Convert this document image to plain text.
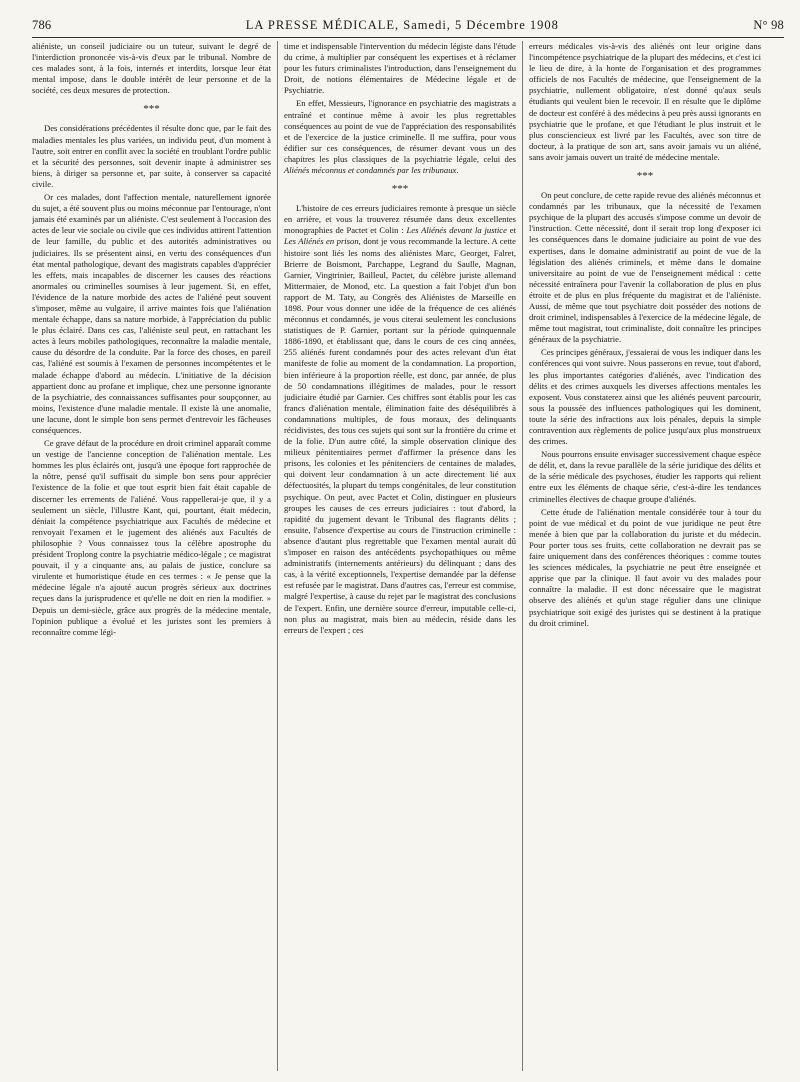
786	LA PRESSE MÉDICALE, Samedi, 5 Décembre 1908	N° 98

aliéniste, un conseil judiciaire ou un tuteur, suivant le degré de l'interdiction prononcée vis-à-vis d'eux par le tribunal. Nombre de ces malades sont, à la fois, internés et interdits, lorsque leur état mental impose, dans le double intérêt de leur personne et de la société, ces deux mesures de protection.

***

Des considérations précédentes il résulte donc que, par le fait des maladies mentales les plus variées, un individu peut, d'un moment à l'autre, soit entrer en conflit avec la société en troublant l'ordre public et la sécurité des personnes, soit devenir inapte à administrer ses biens, à diriger sa personne et, par suite, à conserver sa capacité civile.

Or ces malades, dont l'affection mentale, naturellement ignorée du sujet, a été souvent plus ou moins méconnue par l'entourage, n'ont jamais été examinés par un aliéniste. C'est seulement à l'occasion des actes de leur vie sociale ou civile que ces individus attirent l'attention de leur famille, du public et des autorités administratives ou judiciaires. Ils se présentent ainsi, en vertu des conséquences d'un état mental pathologique, devant des magistrats capables d'apprécier les effets, mais incapables de discerner les causes des réactions anormales ou criminelles soumises à leur jugement. Si, en effet, l'évidence de la nature morbide des actes de l'aliéné peut souvent s'imposer, même au vulgaire, il arrive maintes fois que l'aliénation mentale échappe, dans sa nature morbide, à l'appréciation du public le plus éclairé. Dans ces cas, l'aliéniste seul peut, en rattachant les actes à leurs mobiles pathologiques, reconnaître la maladie mentale, cause du désordre de la conduite. Par la force des choses, en pareil cas, l'aliéné est soumis à l'examen de personnes incompétentes et le malade échappe d'abord au médecin. L'initiative de la décision appartient donc au profane et implique, chez une personne ignorante de la psychiatrie, des connaissances suffisantes pour soupçonner, au moins, l'existence d'une maladie mentale. Il existe là une anomalie, une lacune, dont le simple bon sens permet d'entrevoir les fâcheuses conséquences.

Ce grave défaut de la procédure en droit criminel apparaît comme un vestige de l'ancienne conception de l'aliénation mentale. Les hommes les plus éclairés ont, jusqu'à une époque fort rapprochée de la nôtre, pensé qu'il suffisait du simple bon sens pour apprécier l'existence de la folie et que tout esprit bien fait était capable de discerner les errements de l'aliéné. Vous rappellerai-je que, il y a seulement un siècle, l'illustre Kant, qui, pourtant, était médecin, déniait la compétence psychiatrique aux Facultés de médecine et renvoyait l'examen et le jugement des aliénés aux Facultés de philosophie ? Vous connaissez tous la célèbre apostrophe du président Troplong contre la psychiatrie médico-légale ; ce magistrat pouvait, il y a cinquante ans, au palais de justice, conclure sa virulente et humoristique étude en ces termes : « Je pense que la médecine légale n'a ajouté aucun progrès sérieux aux doctrines reçues dans la jurisprudence et qu'elle ne doit en rien la modifier. » Depuis un demi-siècle, grâce aux progrès de la médecine mentale, l'opinion publique a évolué et les juristes sont les premiers à reconnaître comme légi-

time et indispensable l'intervention du médecin légiste dans l'étude du crime, à multiplier par conséquent les expertises et à réclamer pour les futurs criminalistes l'introduction, dans l'enseignement du Droit, de notions élémentaires de Médecine légale et de Psychiatrie.

En effet, Messieurs, l'ignorance en psychiatrie des magistrats a entraîné et continue même à avoir les plus regrettables conséquences au point de vue de l'appréciation des responsabilités et de l'exercice de la justice criminelle. Il me suffira, pour vous édifier sur ces conséquences, de résumer devant vous un des chapitres les plus classiques de la psychiatrie légale, celui des Aliénés méconnus et condamnés par les tribunaux.

***

L'histoire de ces erreurs judiciaires remonte à presque un siècle en arrière, et vous la trouverez résumée dans deux excellentes monographies de Pactet et Colin : Les Aliénés devant la justice et Les Aliénés en prison, dont je vous recommande la lecture. A cette histoire sont liés les noms des aliénistes Marc, Georget, Falret, Brierre de Boismont, Parchappe, Legrand du Saulle, Magnan, Garnier, Vingtrinier, Bailleul, Pactet, du célèbre juriste allemand Mittermaier, de Monod, etc. La question a fait l'objet d'un bon rapport de M. Taty, au Congrès des Aliénistes de Marseille en 1898. Pour vous donner une idée de la fréquence de ces aliénés méconnus et condamnés, je vous citerai seulement les conclusions statistiques de P. Garnier, portant sur la période quinquennale 1886-1890, et établissant que, dans le cours de ces cinq années, 255 aliénés furent condamnés pour des actes relevant d'un état manifeste de folie au moment de la condamnation. La proportion, bien inférieure à la proportion réelle, est donc, par année, de plus de 50 condamnations illégitimes de malades, pour le ressort judiciaire étudié par Garnier. Ces chiffres sont établis pour les cas francs d'aliénation mentale, élimination faite des déséquilibrés à condamnations multiples, de fous moraux, des delinquants récidivistes, des tous ces sujets qui sont sur la frontière du crime et de la folie. D'un autre côté, la simple observation clinique des milieux pénitentiaires permet d'affirmer la présence dans les prisons, les colonies et les pénitenciers de centaines de malades, qui doivent leur condamnation à un acte directement lié aux défectuosités, la plupart du temps congénitales, de leur constitution psychique. On peut, avec Pactet et Colin, distinguer en plusieurs groupes les causes de ces erreurs judiciaires : tout d'abord, la rapidité du jugement devant le Tribunal des flagrants délits ; ensuite, l'absence d'expertise au cours de l'instruction criminelle : absence d'autant plus regrettable que l'examen mental aurait dû s'imposer en raison des antécédents psychopathiques ou même administratifs (internements antérieurs) du délinquant ; dans des cas, à la vérité exceptionnels, l'expertise demandée par la défense est refusée par le magistrat. Dans d'autres cas, l'erreur est commise, malgré l'expertise, à cause du rejet par le magistrat des conclusions de l'expert. Enfin, une dernière source d'erreur, imputable celle-ci, non plus au magistrat, mais bien au médecin, réside dans les erreurs de l'expert ; ces

erreurs médicales vis-à-vis des aliénés ont leur origine dans l'incompétence psychiatrique de la plupart des médecins, et c'est ici le lieu de dire, à la honte de l'organisation et des programmes officiels de nos Facultés de médecine, que l'enseignement de la psychiatrie, nullement obligatoire, n'est donné qu'aux seuls étudiants qui veulent bien le recevoir. Il en résulte que le diplôme de docteur est conféré à des médecins à peu près aussi ignorants en psychiatrie que le profane, et que l'étudiant le plus instruit et le plus consciencieux est livré par les Facultés, avec son titre de docteur, à la pratique de son art, sans avoir jamais vu un aliéné, sans avoir jamais ouvert un traité de médecine mentale.

***

On peut conclure, de cette rapide revue des aliénés méconnus et condamnés par les tribunaux, que la nécessité de l'examen psychique de la plupart des accusés s'impose comme un devoir de l'instruction. Cette nécessité, dont il serait trop long d'exposer ici les conséquences dans le domaine judiciaire au point de vue des expertises, dans le domaine administratif au point de vue de la législation des aliénés criminels, et même dans le domaine universitaire au point de vue de l'enseignement médical : cette nécessité entraînera pour l'avenir la collaboration de plus en plus étroite et de plus en plus fréquente du magistrat et de l'aliéniste. Aussi, de même que tout psychiatre doit posséder des notions de droit criminel, indispensables à l'exercice de la médecine légale, de même tout magistrat, tout criminaliste, doit connaître les principes généraux de la psychiatrie.

Ces principes généraux, j'essaierai de vous les indiquer dans les conférences qui vont suivre. Nous passerons en revue, tout d'abord, les plus importantes catégories d'aliénés, avec l'indication des délits et des crimes auxquels les diverses affections mentales les exposent. Vous constaterez ainsi que les aliénés peuvent parcourir, sous la poussée des influences pathologiques qui les dominent, toute la série des infractions aux lois pénales, depuis la simple contravention aux règlements de police jusqu'aux plus monstrueux des crimes.

Nous pourrons ensuite envisager successivement chaque espèce de délit, et, dans la revue parallèle de la série juridique des délits et de la série médicale des psychoses, étudier les rapports qui relient entre eux les éléments de chaque série, c'est-à-dire les tendances criminelles électives de chaque groupe d'aliénés.

Cette étude de l'aliénation mentale considérée tour à tour du point de vue médical et du point de vue juridique ne peut être menée à bien que par la collaboration du juriste et du médecin. Pour porter tous ses fruits, cette collaboration ne devrait pas se faire uniquement dans des conférences théoriques : comme toutes les sciences médicales, la psychiatrie ne peut être enseignée et apprise que par la clinique. Il faut avoir vu des malades pour connaître la maladie. Il est donc nécessaire que le magistrat observe des aliénés et qu'un stage régulier dans une clinique psychiatrique soit exigé des juristes qui se destinent à la pratique du droit criminel.
